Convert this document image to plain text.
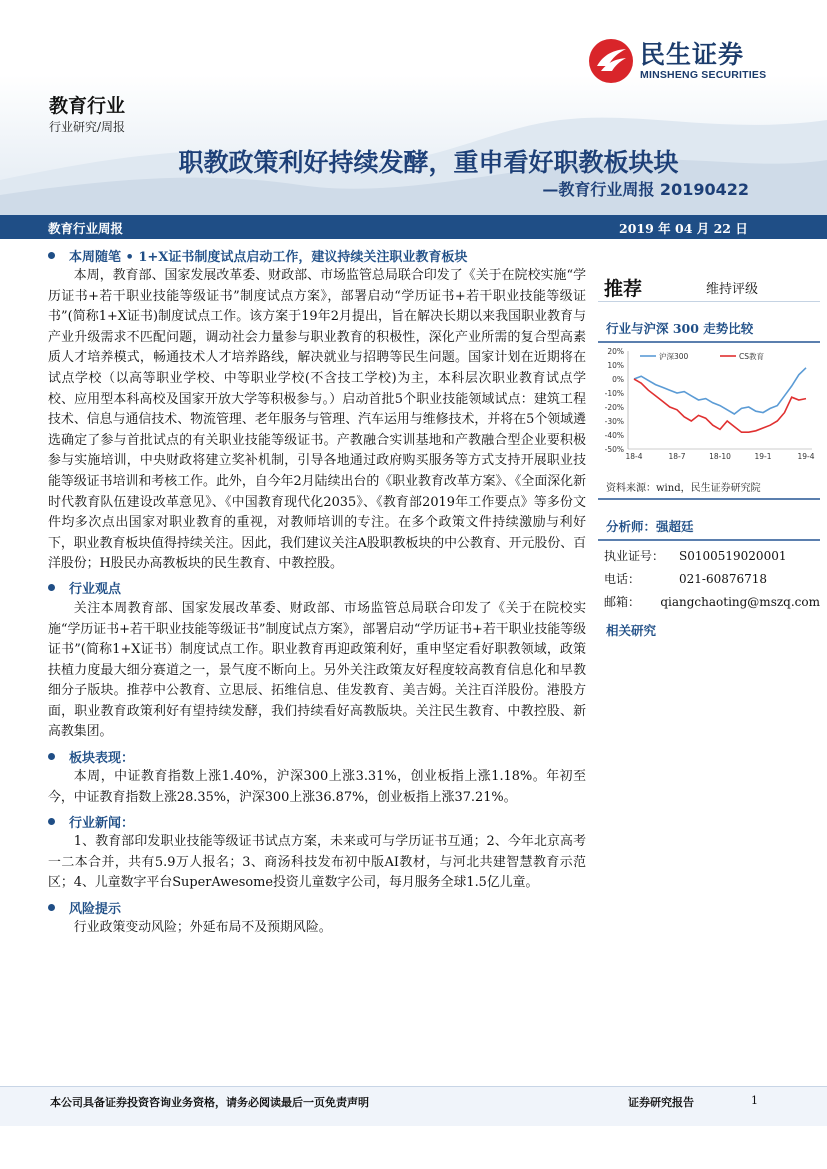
民生证券
MINSHENG SECURITIES
教育行业
行业研究/周报
职教政策利好持续发酵，重申看好职教板块块
—教育行业周报 20190422
教育行业周报	2019 年 04 月 22 日
本周随笔 • 1+X证书制度试点启动工作，建议持续关注职业教育板块

本周，教育部、国家发展改革委、财政部、市场监管总局联合印发了《关于在院校实施“学历证书+若干职业技能等级证书”制度试点方案》，部署启动“学历证书+若干职业技能等级证书”(简称1+X证书)制度试点工作。该方案于19年2月提出，旨在解决长期以来我国职业教育与产业升级需求不匹配问题，调动社会力量参与职业教育的积极性，深化产业所需的复合型高素质人才培养模式，畅通技术人才培养路线，解决就业与招聘等民生问题。国家计划在近期将在试点学校（以高等职业学校、中等职业学校(不含技工学校)为主，本科层次职业教育试点学校、应用型本科高校及国家开放大学等积极参与。）启动首批5个职业技能领域试点：建筑工程技术、信息与通信技术、物流管理、老年服务与管理、汽车运用与维修技术，并将在5个领域遴选确定了参与首批试点的有关职业技能等级证书。产教融合实训基地和产教融合型企业要积极参与实施培训，中央财政将建立奖补机制，引导各地通过政府购买服务等方式支持开展职业技能等级证书培训和考核工作。此外，自今年2月陆续出台的《职业教育改革方案》、《全面深化新时代教育队伍建设改革意见》、《中国教育现代化2035》、《教育部2019年工作要点》等多份文件均多次点出国家对职业教育的重视，对教师培训的专注。在多个政策文件持续激励与利好下，职业教育板块值得持续关注。因此，我们建议关注A股职教板块的中公教育、开元股份、百洋股份；H股民办高教板块的民生教育、中教控股。

行业观点

关注本周教育部、国家发展改革委、财政部、市场监管总局联合印发了《关于在院校实施“学历证书+若干职业技能等级证书”制度试点方案》，部署启动“学历证书+若干职业技能等级证书”(简称1+X证书）制度试点工作。职业教育再迎政策利好，重申坚定看好职教领域，政策扶植力度最大细分赛道之一，景气度不断向上。另外关注政策友好程度较高教育信息化和早教细分子版块。推荐中公教育、立思辰、拓维信息、佳发教育、美吉姆。关注百洋股份。港股方面，职业教育政策利好有望持续发酵，我们持续看好高教版块。关注民生教育、中教控股、新高教集团。

板块表现：

本周，中证教育指数上涨1.40%，沪深300上涨3.31%，创业板指上涨1.18%。年初至今，中证教育指数上涨28.35%，沪深300上涨36.87%，创业板指上涨37.21%。

行业新闻：

1、教育部印发职业技能等级证书试点方案，未来或可与学历证书互通；2、今年北京高考一二本合并，共有5.9万人报名；3、商汤科技发布初中版AI教材，与河北共建智慧教育示范区；4、儿童数字平台SuperAwesome投资儿童数字公司，每月服务全球1.5亿儿童。

风险提示

行业政策变动风险；外延布局不及预期风险。

推荐	维持评级
行业与沪深 300 走势比较
20%
10%
0%
-10%
-20%
-30%
-40%
-50%
18-4	18-7	18-10	19-1	19-4
沪深300	CS教育
资料来源：wind，民生证券研究院
分析师：强超廷
执业证号：	S0100519020001
电话：	021-60876718
邮箱：	qiangchaoting@mszq.com
相关研究
本公司具备证券投资咨询业务资格，请务必阅读最后一页免责声明	证券研究报告	1
